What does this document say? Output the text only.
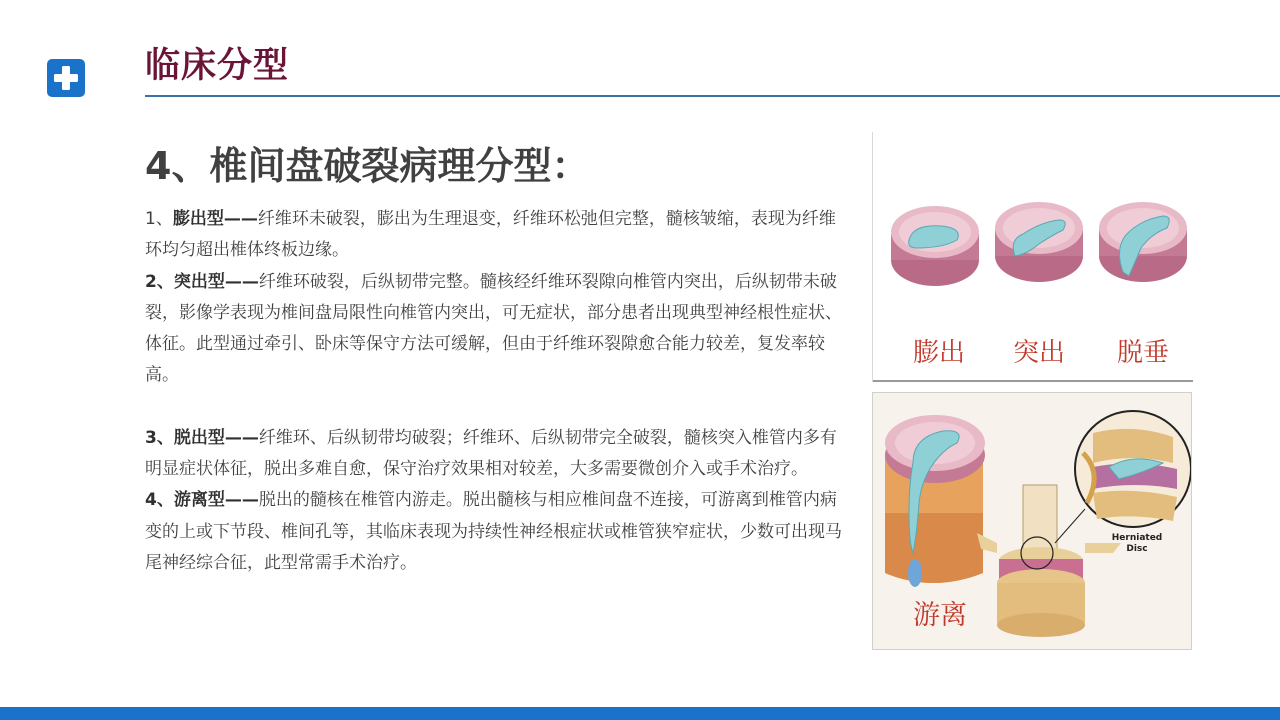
临床分型
4、椎间盘破裂病理分型：

1、膨出型——纤维环未破裂，膨出为生理退变，纤维环松弛但完整，髓核皱缩，表现为纤维环均匀超出椎体终板边缘。

2、突出型——纤维环破裂，后纵韧带完整。髓核经纤维环裂隙向椎管内突出，后纵韧带未破裂，影像学表现为椎间盘局限性向椎管内突出，可无症状，部分患者出现典型神经根性症状、体征。此型通过牵引、卧床等保守方法可缓解，但由于纤维环裂隙愈合能力较差，复发率较高。

3、脱出型——纤维环、后纵韧带均破裂；纤维环、后纵韧带完全破裂，髓核突入椎管内多有明显症状体征，脱出多难自愈，保守治疗效果相对较差，大多需要微创介入或手术治疗。

4、游离型——脱出的髓核在椎管内游走。脱出髓核与相应椎间盘不连接，可游离到椎管内病变的上或下节段、椎间孔等，其临床表现为持续性神经根症状或椎管狭窄症状，少数可出现马尾神经综合征，此型常需手术治疗。

膨出 突出 脱垂
Herniated
Disc
游离
